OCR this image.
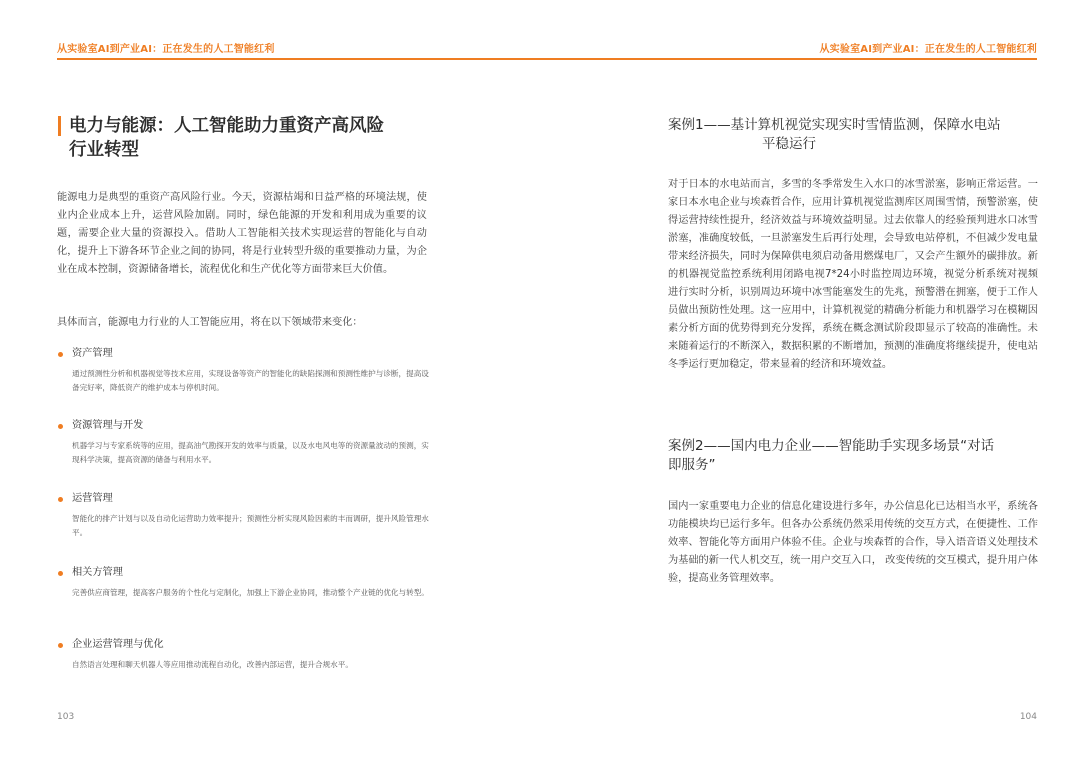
从实验室AI到产业AI：正在发生的人工智能红利
电力与能源：人工智能助力重资产高风险
行业转型
能源电力是典型的重资产高风险行业。今天，资源枯竭和日益严格的环境法规，使业内企业成本上升，运营风险加剧。同时，绿色能源的开发和利用成为重要的议题，需要企业大量的资源投入。借助人工智能相关技术实现运营的智能化与自动化，提升上下游各环节企业之间的协同，将是行业转型升级的重要推动力量，为企业在成本控制，资源储备增长，流程优化和生产优化等方面带来巨大价值。
具体而言，能源电力行业的人工智能应用，将在以下领域带来变化：
资产管理
通过预测性分析和机器视觉等技术应用，实现设备等资产的智能化的缺陷探测和预测性维护与诊断，提高设备完好率，降低资产的维护成本与停机时间。
资源管理与开发
机器学习与专家系统等的应用，提高油气勘探开发的效率与质量，以及水电风电等的资源量波动的预测，实现科学决策，提高资源的储备与利用水平。
运营管理
智能化的排产计划与以及自动化运营助力效率提升；预测性分析实现风险因素的丰而调研，提升风险管理水平。
相关方管理
完善供应商管理，提高客户服务的个性化与定制化，加强上下游企业协同，推动整个产业链的优化与转型。
企业运营管理与优化
自然语言处理和聊天机器人等应用推动流程自动化，改善内部运营，提升合规水平。
103
从实验室AI到产业AI：正在发生的人工智能红利
案例1——基计算机视觉实现实时雪情监测，保障水电站
平稳运行
对于日本的水电站而言，多雪的冬季常发生入水口的冰雪淤塞，影响正常运营。一家日本水电企业与埃森哲合作，应用计算机视觉监测库区周围雪情，预警淤塞，使得运营持续性提升，经济效益与环境效益明显。过去依靠人的经验预判进水口冰雪淤塞，准确度较低，一旦淤塞发生后再行处理，会导致电站停机，不但减少发电量带来经济损失，同时为保障供电须启动备用燃煤电厂，又会产生额外的碳排放。新的机器视觉监控系统利用闭路电视7*24小时监控周边环境，视觉分析系统对视频进行实时分析，识别周边环境中冰雪能塞发生的先兆，预警潜在拥塞，便于工作人员做出预防性处理。这一应用中，计算机视觉的精确分析能力和机器学习在模糊因素分析方面的优势得到充分发挥，系统在概念测试阶段即显示了较高的准确性。未来随着运行的不断深入，数据积累的不断增加，预测的准确度将继续提升，使电站冬季运行更加稳定，带来显着的经济和环境效益。
案例2——国内电力企业——智能助手实现多场景“对话
即服务”
国内一家重要电力企业的信息化建设进行多年，办公信息化已达相当水平，系统各功能模块均已运行多年。但各办公系统仍然采用传统的交互方式，在便捷性、工作效率、智能化等方面用户体验不佳。企业与埃森哲的合作，导入语音语义处理技术为基础的新一代人机交互，统一用户交互入口， 改变传统的交互模式，提升用户体验，提高业务管理效率。
104
